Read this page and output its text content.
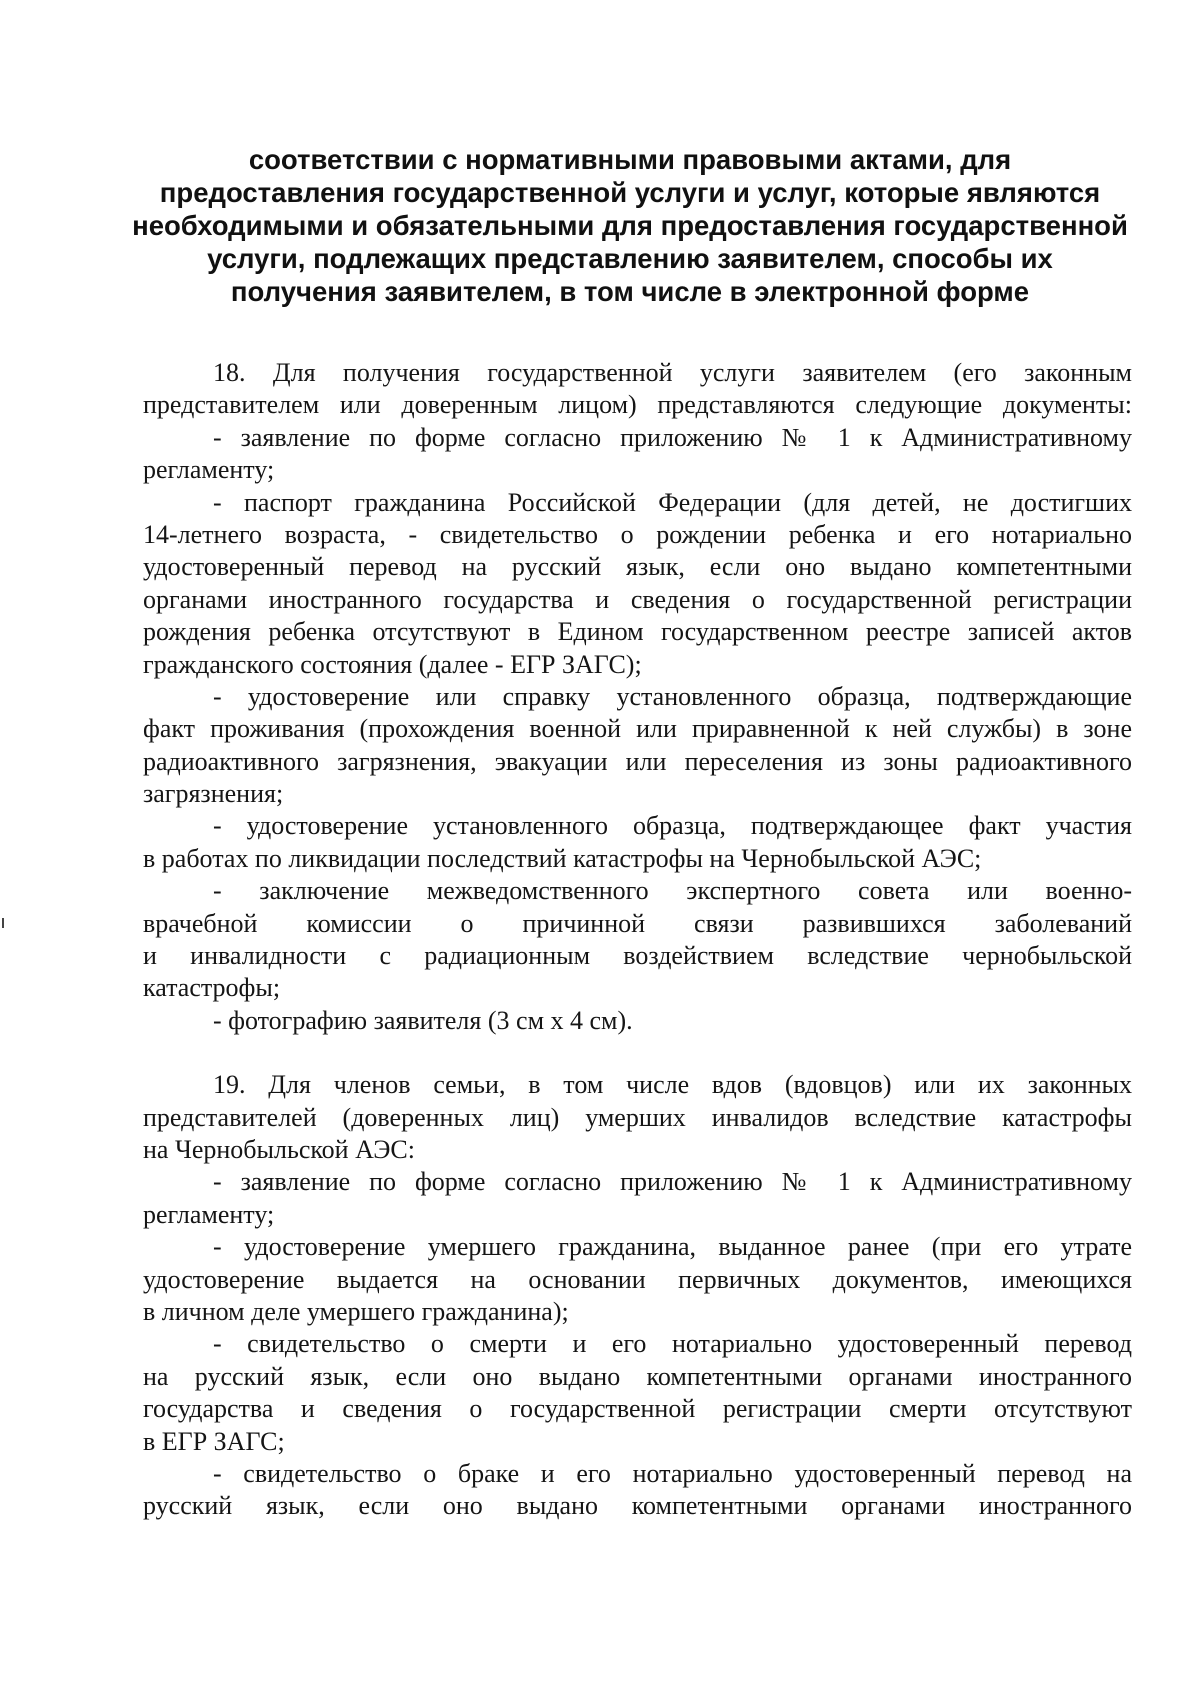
соответствии с нормативными правовыми актами, для
предоставления государственной услуги и услуг, которые являются
необходимыми и обязательными для предоставления государственной
услуги, подлежащих представлению заявителем, способы их
получения заявителем, в том числе в электронной форме
18. Для получения государственной услуги заявителем (его законным
представителем или доверенным лицом) представляются следующие документы:
- заявление по форме согласно приложению № 1 к Административному
регламенту;
- паспорт гражданина Российской Федерации (для детей, не достигших
14-летнего возраста, - свидетельство о рождении ребенка и его нотариально
удостоверенный перевод на русский язык, если оно выдано компетентными
органами иностранного государства и сведения о государственной регистрации
рождения ребенка отсутствуют в Едином государственном реестре записей актов
гражданского состояния (далее - ЕГР ЗАГС);
- удостоверение или справку установленного образца, подтверждающие
факт проживания (прохождения военной или приравненной к ней службы) в зоне
радиоактивного загрязнения, эвакуации или переселения из зоны радиоактивного
загрязнения;
- удостоверение установленного образца, подтверждающее факт участия
в работах по ликвидации последствий катастрофы на Чернобыльской АЭС;
- заключение межведомственного экспертного совета или военно-
врачебной комиссии о причинной связи развившихся заболеваний
и инвалидности с радиационным воздействием вследствие чернобыльской
катастрофы;
- фотографию заявителя (3 см х 4 см).
19. Для членов семьи, в том числе вдов (вдовцов) или их законных
представителей (доверенных лиц) умерших инвалидов вследствие катастрофы
на Чернобыльской АЭС:
- заявление по форме согласно приложению № 1 к Административному
регламенту;
- удостоверение умершего гражданина, выданное ранее (при его утрате
удостоверение выдается на основании первичных документов, имеющихся
в личном деле умершего гражданина);
- свидетельство о смерти и его нотариально удостоверенный перевод
на русский язык, если оно выдано компетентными органами иностранного
государства и сведения о государственной регистрации смерти отсутствуют
в ЕГР ЗАГС;
- свидетельство о браке и его нотариально удостоверенный перевод на
русский язык, если оно выдано компетентными органами иностранного
